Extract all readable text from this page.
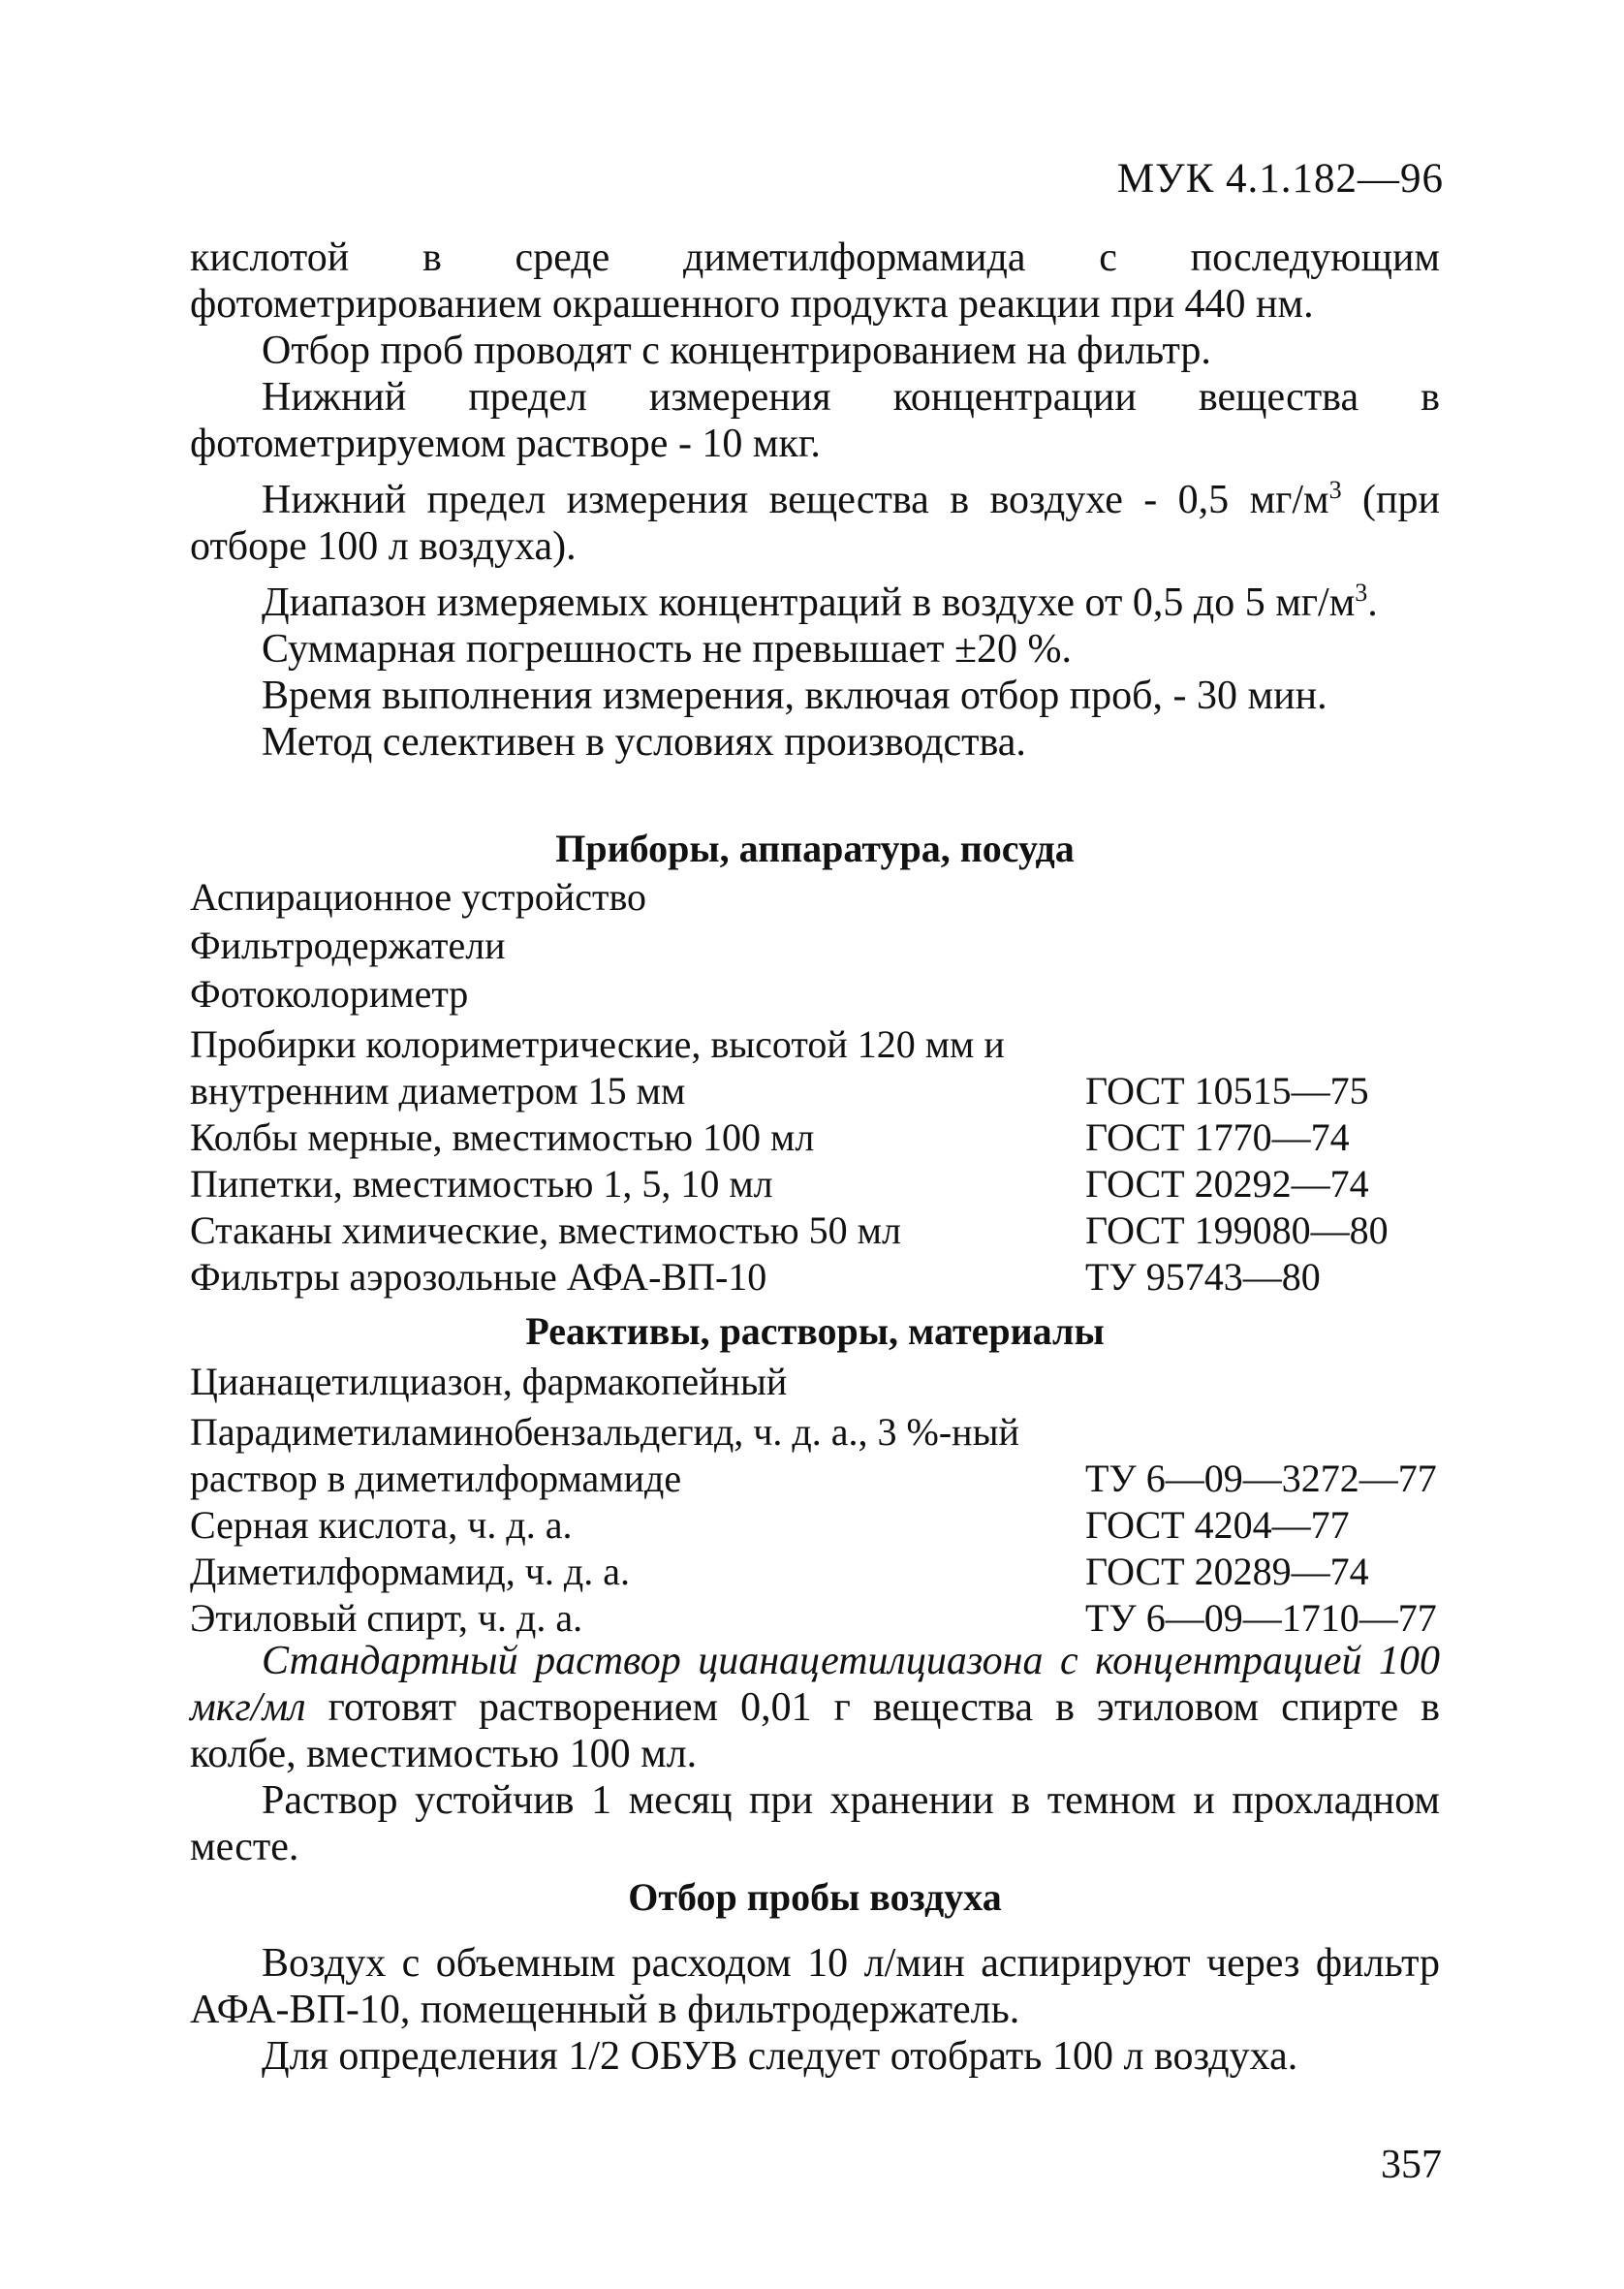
МУК 4.1.182—96

кислотой в среде диметилформамида с последующим фотометрированием окрашенного продукта реакции при 440 нм.

Отбор проб проводят с концентрированием на фильтр.

Нижний предел измерения концентрации вещества в фотометрируемом растворе - 10 мкг.

Нижний предел измерения вещества в воздухе - 0,5 $мг/м^3$ (при отборе 100 л воздуха).

Диапазон измеряемых концентраций в воздухе от 0,5 до 5 $мг/м^3$.

Суммарная погрешность не превышает ±20 %.

Время выполнения измерения, включая отбор проб, - 30 мин.

Метод селективен в условиях производства.

Приборы, аппаратура, посуда

Аспирационное устройство
Фильтродержатели
Фотоколориметр
Пробирки колориметрические, высотой 120 мм и внутренним диаметром 15 мм	ГОСТ 10515—75
Колбы мерные, вместимостью 100 мл	ГОСТ 1770—74
Пипетки, вместимостью 1, 5, 10 мл	ГОСТ 20292—74
Стаканы химические, вместимостью 50 мл	ГОСТ 199080—80
Фильтры аэрозольные АФА-ВП-10	ТУ 95743—80

Реактивы, растворы, материалы

Цианацетилциазон, фармакопейный
Парадиметиламинобензальдегид, ч. д. а., 3 %-ный раствор в диметилформамиде	ТУ 6—09—3272—77
Серная кислота, ч. д. а.	ГОСТ 4204—77
Диметилформамид, ч. д. а.	ГОСТ 20289—74
Этиловый спирт, ч. д. а.	ТУ 6—09—1710—77

Стандартный раствор цианацетилциазона с концентрацией 100 мкг/мл готовят растворением 0,01 г вещества в этиловом спирте в колбе, вместимостью 100 мл.

Раствор устойчив 1 месяц при хранении в темном и прохладном месте.

Отбор пробы воздуха

Воздух с объемным расходом 10 л/мин аспирируют через фильтр АФА-ВП-10, помещенный в фильтродержатель.

Для определения 1/2 ОБУВ следует отобрать 100 л воздуха.

357
